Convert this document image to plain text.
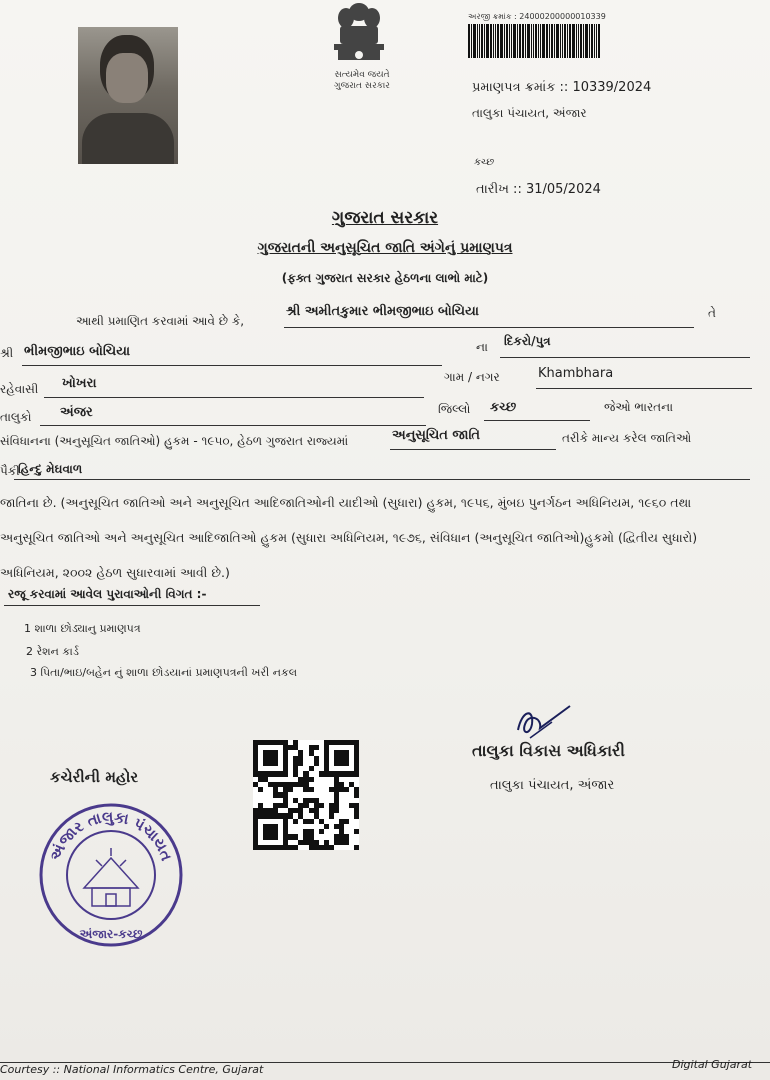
સત્યમેવ જયતે
ગુજરાત સરકાર
અરજી ક્રમાંક : 24000200000010339
પ્રમાણપત્ર ક્રમાંક :: 10339/2024
તાલુકા પંચાયત, અંજાર
કચ્છ
તારીખ :: 31/05/2024
ગુજરાત સરકાર
ગુજરાતની અનુસૂચિત જાતિ અંગેનું પ્રમાણપત્ર
(ફક્ત ગુજરાત સરકાર હેઠળના લાભો માટે)
આથી પ્રમાણિત કરવામાં આવે છે કે,
શ્રી અમીતકુમાર ભીમજીભાઇ બોચિયા	તે
શ્રી ભીમજીભાઇ બોચિયા	ના દિકરો/પુત્ર
રહેવાસી ખોખરા	ગામ / નગર	Khambhara
તાલુકો અંજર	જિલ્લો કચ્છ	જેઓ ભારતના
સંવિધાનના (અનુસૂચિત જાતિઓ) હુકમ - ૧૯૫૦, હેઠળ ગુજરાત રાજ્યમાં	અનુસૂચિત જાતિ	તરીકે માન્ય કરેલ જાતિઓ
પૈકી
હિન્દુ મેઘવાળ
જાતિના છે. (અનુસૂચિત જાતિઓ અને અનુસૂચિત આદિજાતિઓની યાદીઓ (સુધારા) હુકમ, ૧૯૫૬, મુંબઇ પુનર્ગઠન અધિનિયમ, ૧૯૬૦ તથા
અનુસૂચિત જાતિઓ અને અનુસૂચિત આદિજાતિઓ હુકમ (સુધારા અધિનિયમ, ૧૯૭૬, સંવિધાન (અનુસૂચિત જાતિઓ)હુકમો (દ્વિતીય સુધારો)
અધિનિયમ, ૨૦૦૨ હેઠળ સુધારવામાં આવી છે.)
રજૂ કરવામાં આવેલ પુરાવાઓની વિગત :-
1 શાળા છોડ્યાનુ પ્રમાણપત્ર
2 રેશન કાર્ડ
3 પિતા/ભાઇ/બહેન નું શાળા છોડયાનાં પ્રમાણપત્રની ખરી નકલ
તાલુકા વિકાસ અધિકારી
તાલુકા પંચાયત, અંજાર
કચેરીની મહોર
અંજાર તાલુકા પંચાયત
અંજાર-કચ્છ
Courtesy :: National Informatics Centre, Gujarat	Digital Gujarat
